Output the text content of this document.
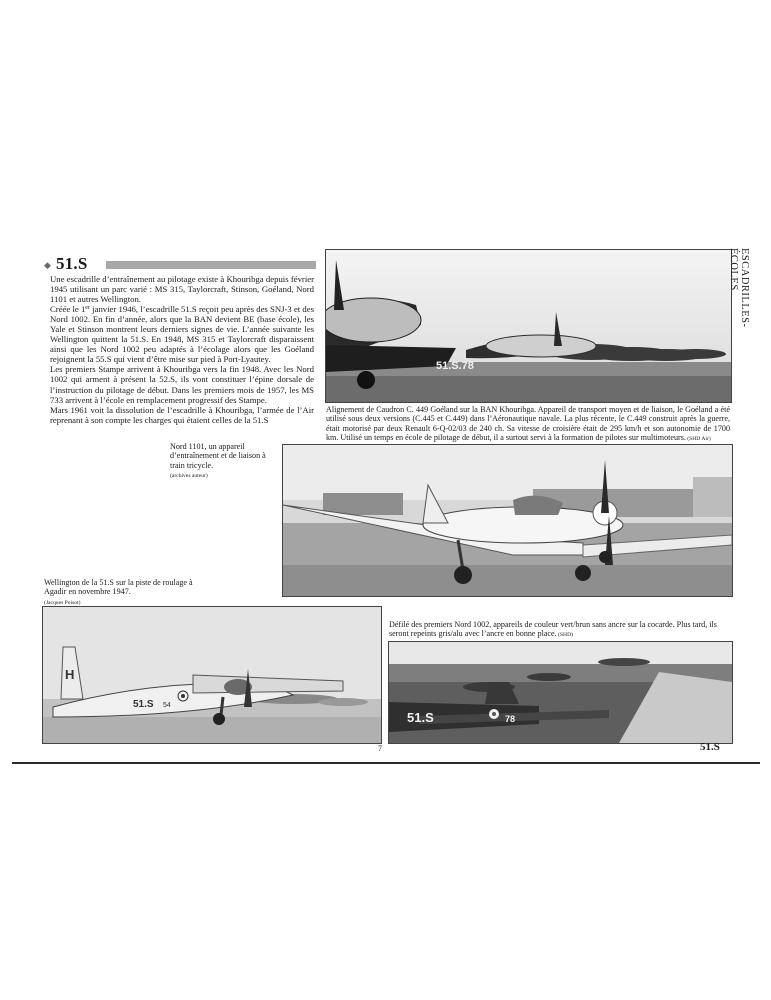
◆ 51.S

Une escadrille d’entraînement au pilotage existe à Khouribga depuis février 1945 utilisant un parc varié : MS 315, Taylorcraft, Stinson, Goéland, Nord 1101 et autres Wellington.

Créée le 1er janvier 1946, l’escadrille 51.S reçoit peu après des SNJ-3 et des Nord 1002. En fin d’année, alors que la BAN devient BE (base école), les Yale et Stinson montrent leurs derniers signes de vie. L’année suivante les Wellington quittent la 51.S. En 1948, MS 315 et Taylorcraft disparaissent ainsi que les Nord 1002 peu adaptés à l’écolage alors que les Goéland rejoignent la 55.S qui vient d’être mise sur pied à Port-Lyautey.

Les premiers Stampe arrivent à Khouribga vers la fin 1948. Avec les Nord 1002 qui arment à présent la 52.S, ils vont constituer l’épine dorsale de l’instruction du pilotage de début. Dans les premiers mois de 1957, les MS 733 arrivent à l’école en remplacement progressif des Stampe.

Mars 1961 voit la dissolution de l’escadrille à Khouribga, l’armée de l’Air reprenant à son compte les charges qui étaient celles de la 51.S

51.S.78
Alignement de Caudron C. 449 Goéland sur la BAN Khouribga. Appareil de transport moyen et de liaison, le Goéland a été utilisé sous deux versions (C.445 et C.449) dans l’Aéronautique navale. La plus récente, le C.449 construit après la guerre, était motorisé par deux Renault 6-Q-02/03 de 240 ch. Sa vitesse de croisière était de 295 km/h et son autonomie de 1700 km. Utilisé un temps en école de pilotage de début, il a surtout servi à la formation de pilotes sur multimoteurs. (SHD Air)
Nord 1101, un appareil d’entraînement et de liaison à train tricycle.
(archives auteur)
Wellington de la 51.S sur la piste de roulage à Agadir en novembre 1947.
(Jacques Poisot)
H
51.S 54
Défilé des premiers Nord 1002, appareils de couleur vert/brun sans ancre sur la cocarde. Plus tard, ils seront repeints gris/alu avec l’ancre en bonne place. (SHD)
51.S	78
ESCADRILLES-ÉCOLES
7	51.S
